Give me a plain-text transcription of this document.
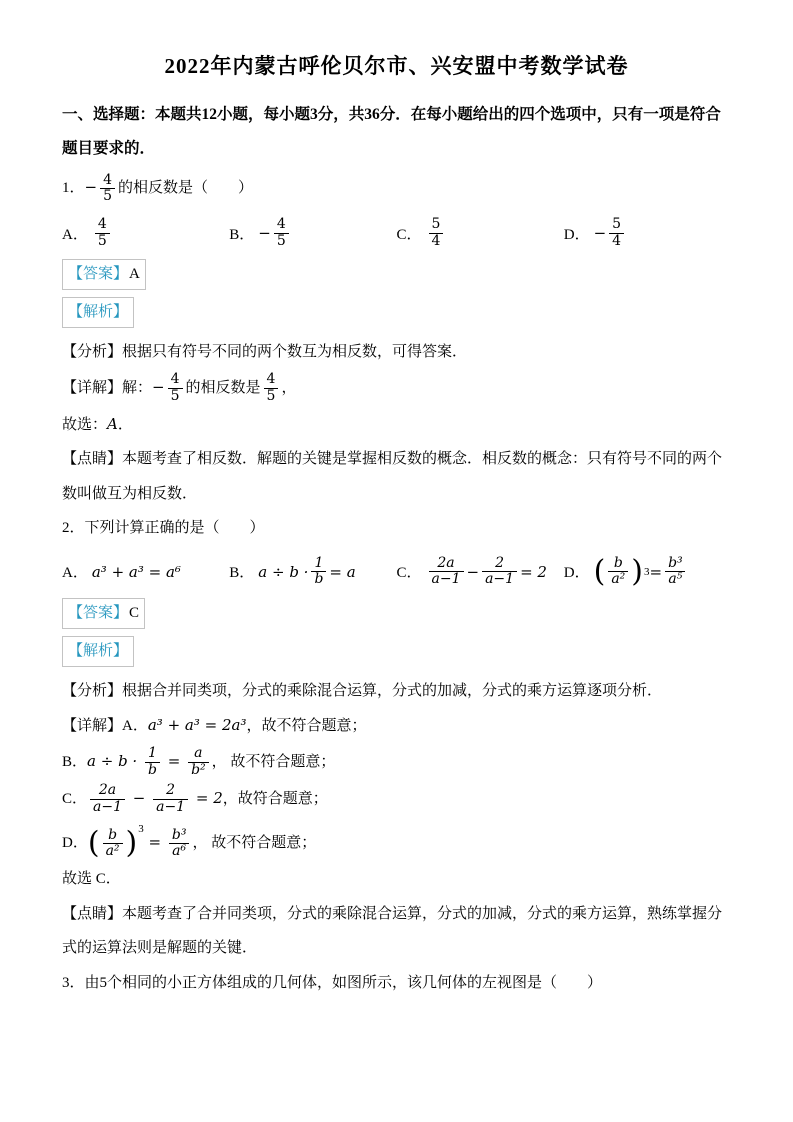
2022年内蒙古呼伦贝尔市、兴安盟中考数学试卷
一、选择题：本题共12小题，每小题3分，共36分．在每小题给出的四个选项中，只有一项是符合题目要求的．
1．− $\frac{4}{5}$ 的相反数是（　　）
A． $\frac{4}{5}$	B． − $\frac{4}{5}$	C． $\frac{5}{4}$	D． − $\frac{5}{4}$
【答案】A
【解析】
【分析】根据只有符号不同的两个数互为相反数，可得答案．
【详解】解：− $\frac{4}{5}$ 的相反数是 $\frac{4}{5}$ ，
故选：A．
【点睛】本题考查了相反数．解题的关键是掌握相反数的概念．相反数的概念：只有符号不同的两个数叫做互为相反数．
2．下列计算正确的是（　　）
A． a³ + a³ = a⁶	B． $a \div b \cdot \frac{1}{b} = a$	C． $\frac{2a}{a-1} - \frac{2}{a-1} = 2$ D． ( $\frac{b}{\text{a²}}$ ) $3 = \frac{\text{b³}}{\text{a⁵}}$
【答案】C
【解析】
【分析】根据合并同类项，分式的乘除混合运算，分式的加减，分式的乘方运算逐项分析．
【详解】A．a³ + a³ = 2a³，故不符合题意；
B．$a \div b \cdot \frac{1}{b} = \frac{a}{\text{b²}}$ ， 故不符合题意；
C． $\frac{2a}{a-1} - \frac{2}{a-1} = 2$，故符合题意；
D．( $\frac{b}{\text{a²}} )^3 = \frac{\text{b³}}{\text{a⁶}}$ ， 故不符合题意；
故选 C．
【点睛】本题考查了合并同类项，分式的乘除混合运算，分式的加减，分式的乘方运算，熟练掌握分式的运算法则是解题的关键．
3．由5个相同的小正方体组成的几何体，如图所示，该几何体的左视图是（　　）
